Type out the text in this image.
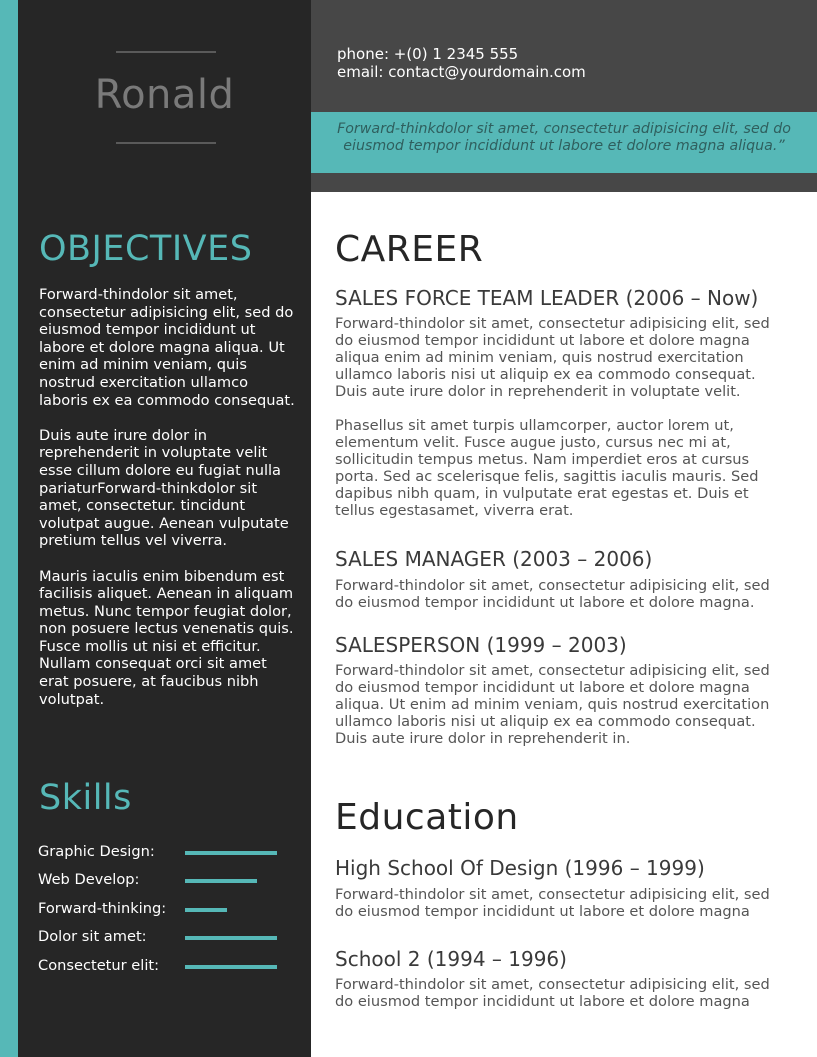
Ronald
OBJECTIVES

Forward-thindolor sit amet, consectetur adipisicing elit, sed do eiusmod tempor incididunt ut labore et dolore magna aliqua. Ut enim ad minim veniam, quis nostrud exercitation ullamco laboris ex ea commodo consequat.

Duis aute irure dolor in reprehenderit in voluptate velit esse cillum dolore eu fugiat nulla pariaturForward-thinkdolor sit amet, consectetur. tincidunt volutpat augue. Aenean vulputate pretium tellus vel viverra.

Mauris iaculis enim bibendum est facilisis aliquet. Aenean in aliquam metus. Nunc tempor feugiat dolor, non posuere lectus venenatis quis. Fusce mollis ut nisi et efficitur. Nullam consequat orci sit amet erat posuere, at faucibus nibh volutpat.

Skills
Graphic Design:
Web Develop:
Forward-thinking:
Dolor sit amet:
Consectetur elit:
phone: +(0) 1 2345 555
email: contact@yourdomain.com
Forward-thinkdolor sit amet, consectetur adipisicing elit, sed do eiusmod tempor incididunt ut labore et dolore magna aliqua.”
CAREER
SALES FORCE TEAM LEADER (2006 – Now)

Forward-thindolor sit amet, consectetur adipisicing elit, sed do eiusmod tempor incididunt ut labore et dolore magna aliqua enim ad minim veniam, quis nostrud exercitation ullamco laboris nisi ut aliquip ex ea commodo consequat. Duis aute irure dolor in reprehenderit in voluptate velit.

Phasellus sit amet turpis ullamcorper, auctor lorem ut, elementum velit. Fusce augue justo, cursus nec mi at, sollicitudin tempus metus. Nam imperdiet eros at cursus porta. Sed ac scelerisque felis, sagittis iaculis mauris. Sed dapibus nibh quam, in vulputate erat egestas et. Duis et tellus egestasamet, viverra erat.

SALES MANAGER (2003 – 2006)

Forward-thindolor sit amet, consectetur adipisicing elit, sed do eiusmod tempor incididunt ut labore et dolore magna.

SALESPERSON (1999 – 2003)

Forward-thindolor sit amet, consectetur adipisicing elit, sed do eiusmod tempor incididunt ut labore et dolore magna aliqua. Ut enim ad minim veniam, quis nostrud exercitation ullamco laboris nisi ut aliquip ex ea commodo consequat. Duis aute irure dolor in reprehenderit in.

Education
High School Of Design (1996 – 1999)

Forward-thindolor sit amet, consectetur adipisicing elit, sed do eiusmod tempor incididunt ut labore et dolore magna

School 2 (1994 – 1996)

Forward-thindolor sit amet, consectetur adipisicing elit, sed do eiusmod tempor incididunt ut labore et dolore magna
